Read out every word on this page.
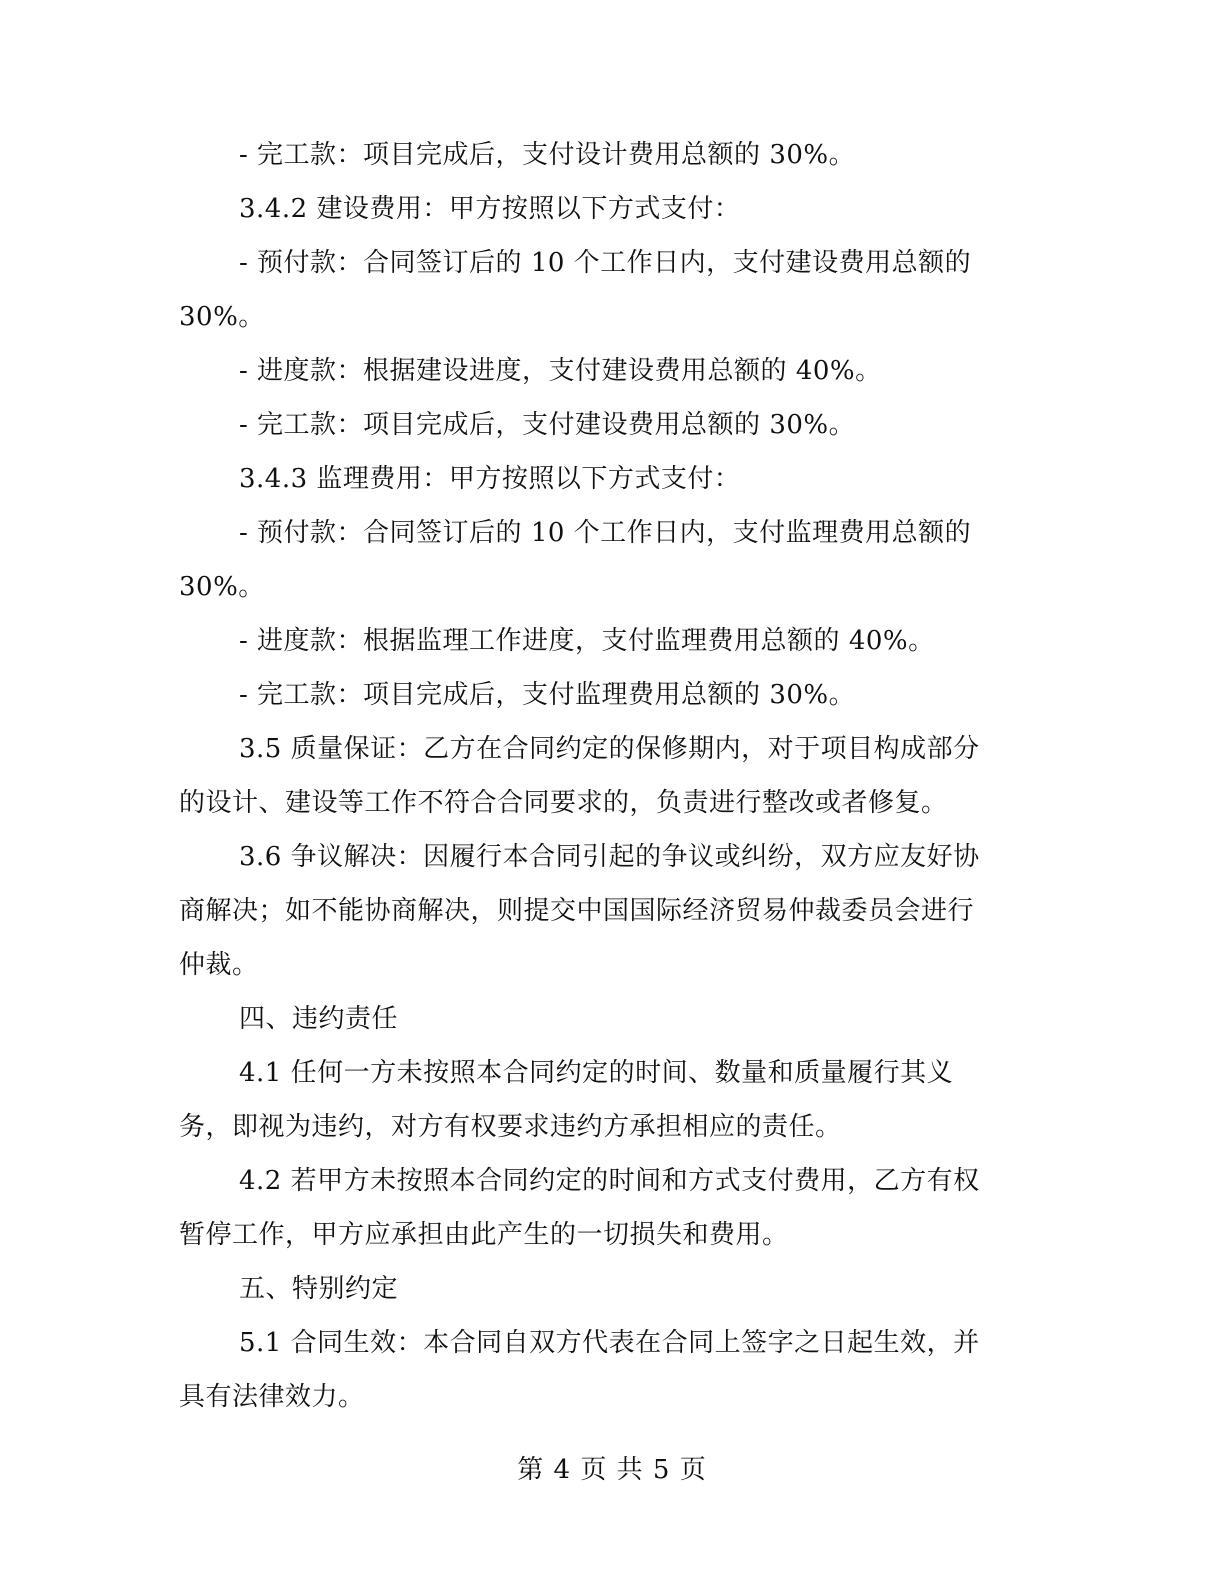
- 完工款：项目完成后，支付设计费用总额的 30%。
3.4.2 建设费用：甲方按照以下方式支付：
- 预付款：合同签订后的 10 个工作日内，支付建设费用总额的
30%。
- 进度款：根据建设进度，支付建设费用总额的 40%。
- 完工款：项目完成后，支付建设费用总额的 30%。
3.4.3 监理费用：甲方按照以下方式支付：
- 预付款：合同签订后的 10 个工作日内，支付监理费用总额的
30%。
- 进度款：根据监理工作进度，支付监理费用总额的 40%。
- 完工款：项目完成后，支付监理费用总额的 30%。
3.5 质量保证：乙方在合同约定的保修期内，对于项目构成部分
的设计、建设等工作不符合合同要求的，负责进行整改或者修复。
3.6 争议解决：因履行本合同引起的争议或纠纷，双方应友好协
商解决；如不能协商解决，则提交中国国际经济贸易仲裁委员会进行
仲裁。
四、违约责任
4.1 任何一方未按照本合同约定的时间、数量和质量履行其义
务，即视为违约，对方有权要求违约方承担相应的责任。
4.2 若甲方未按照本合同约定的时间和方式支付费用，乙方有权
暂停工作，甲方应承担由此产生的一切损失和费用。
五、特别约定
5.1 合同生效：本合同自双方代表在合同上签字之日起生效，并
具有法律效力。
第 4 页 共 5 页
